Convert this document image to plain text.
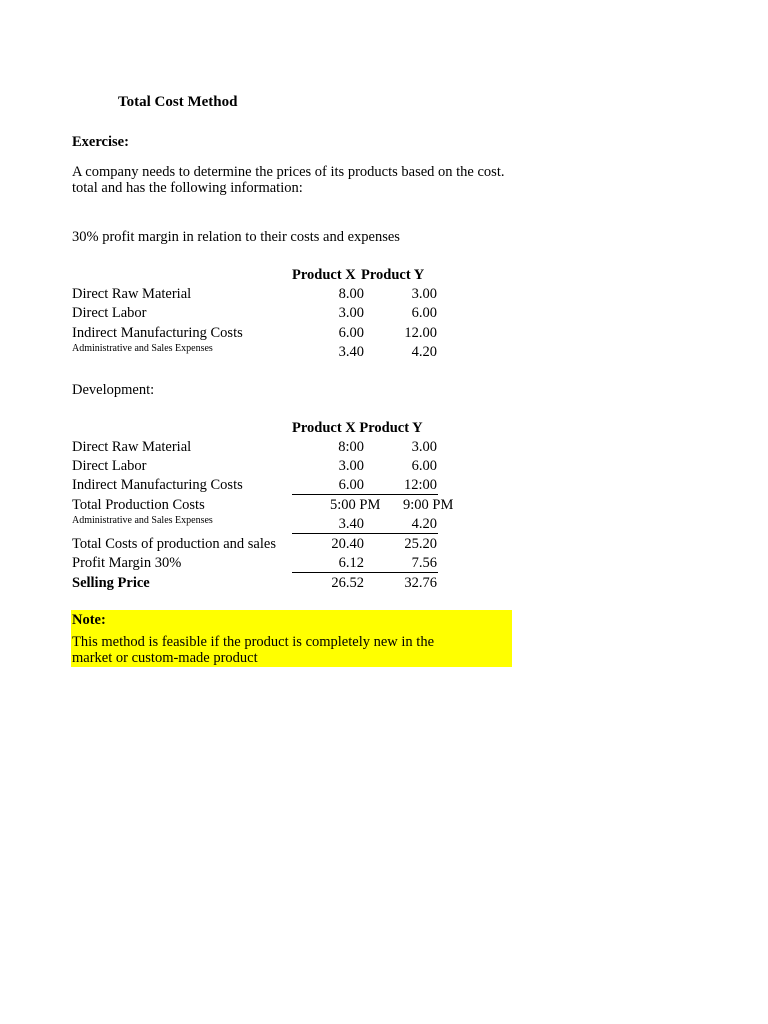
Total Cost Method
Exercise:
A company needs to determine the prices of its products based on the cost.
total and has the following information:
30% profit margin in relation to their costs and expenses
Product X Product Y
Direct Raw Material	8.00	3.00
Direct Labor	3.00	6.00
Indirect Manufacturing Costs	6.00	12.00
Administrative and Sales Expenses	3.40	4.20
Development:
Product X Product Y
Direct Raw Material	8:00	3.00
Direct Labor	3.00	6.00
Indirect Manufacturing Costs	6.00	12:00
Total Production Costs	5:00 PM 9:00 PM
Administrative and Sales Expenses	3.40	4.20
Total Costs of production and sales	20.40	25.20
Profit Margin 30%	6.12	7.56
Selling Price	26.52	32.76
Note:
This method is feasible if the product is completely new in the
market or custom-made product
